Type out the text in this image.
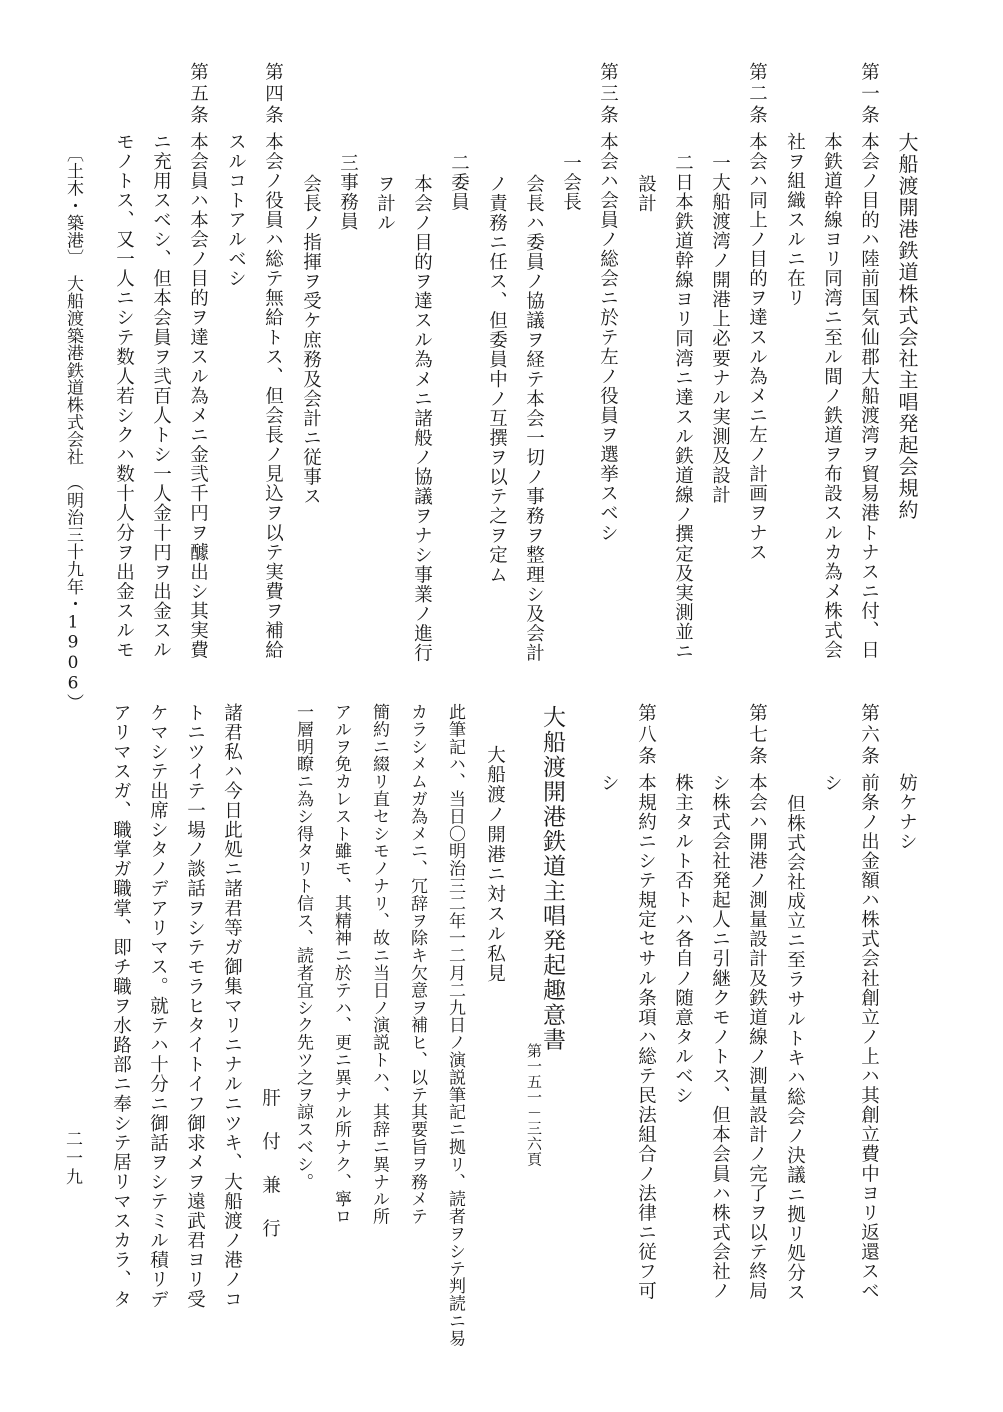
大船渡開港鉄道株式会社主唱発起会規約
第一条
本会ノ目的ハ陸前国気仙郡大船渡湾ヲ貿易港トナスニ付、日
本鉄道幹線ヨリ同湾ニ至ル間ノ鉄道ヲ布設スルカ為メ株式会
社ヲ組織スルニ在リ
第二条
本会ハ同上ノ目的ヲ達スル為メニ左ノ計画ヲナス
一大船渡湾ノ開港上必要ナル実測及設計
二日本鉄道幹線ヨリ同湾ニ達スル鉄道線ノ撰定及実測並ニ
設計
第三条
本会ハ会員ノ総会ニ於テ左ノ役員ヲ選挙スベシ
一会長
会長ハ委員ノ協議ヲ経テ本会一切ノ事務ヲ整理シ及会計
ノ責務ニ任ス、但委員中ノ互撰ヲ以テ之ヲ定ム
二委員
本会ノ目的ヲ達スル為メニ諸般ノ協議ヲナシ事業ノ進行
ヲ計ル
三事務員
会長ノ指揮ヲ受ケ庶務及会計ニ従事ス
第四条
本会ノ役員ハ総テ無給トス、但会長ノ見込ヲ以テ実費ヲ補給
スルコトアルベシ
第五条
本会員ハ本会ノ目的ヲ達スル為メニ金弐千円ヲ醵出シ其実費
ニ充用スベシ、但本会員ヲ弐百人トシ一人金十円ヲ出金スル
モノトス、又一人ニシテ数人若シクハ数十人分ヲ出金スルモ
〔土木・築港〕　大船渡築港鉄道株式会社　（明治三十九年・1906）
妨ケナシ
第六条
前条ノ出金額ハ株式会社創立ノ上ハ其創立費中ヨリ返還スベ
シ
但株式会社成立ニ至ラサルトキハ総会ノ決議ニ拠リ処分ス
第七条
本会ハ開港ノ測量設計及鉄道線ノ測量設計ノ完了ヲ以テ終局
シ株式会社発起人ニ引継クモノトス、但本会員ハ株式会社ノ
株主タルト否トハ各自ノ随意タルベシ
第八条
本規約ニシテ規定セサル条項ハ総テ民法組合ノ法律ニ従フ可
シ
大船渡開港鉄道主唱発起趣意書
第一五一－三六頁
此筆記ハ、当日〇明治三二年一二月二九日ノ演説筆記ニ拠リ、読者ヲシテ判読ニ易
カラシメムガ為メニ、冗辞ヲ除キ欠意ヲ補ヒ、以テ其要旨ヲ務メテ
簡約ニ綴リ直セシモノナリ、故ニ当日ノ演説トハ、其辞ニ異ナル所
アルヲ免カレスト雖モ、其精神ニ於テハ、更ニ異ナル所ナク、寧ロ
一層明瞭ニ為シ得タリト信ス、読者宜シク先ツ之ヲ諒スベシ。	大船渡ノ開港ニ対スル私見
肝 付 兼 行
諸君私ハ今日此処ニ諸君等ガ御集マリニナルニツキ、大船渡ノ港ノコ
トニツイテ一場ノ談話ヲシテモラヒタイトイフ御求メヲ遠武君ヨリ受
ケマシテ出席シタノデアリマス。就テハ十分ニ御話ヲシテミル積リデ
アリマスガ、職掌ガ職掌、即チ職ヲ水路部ニ奉シテ居リマスカラ、タ
二一九
